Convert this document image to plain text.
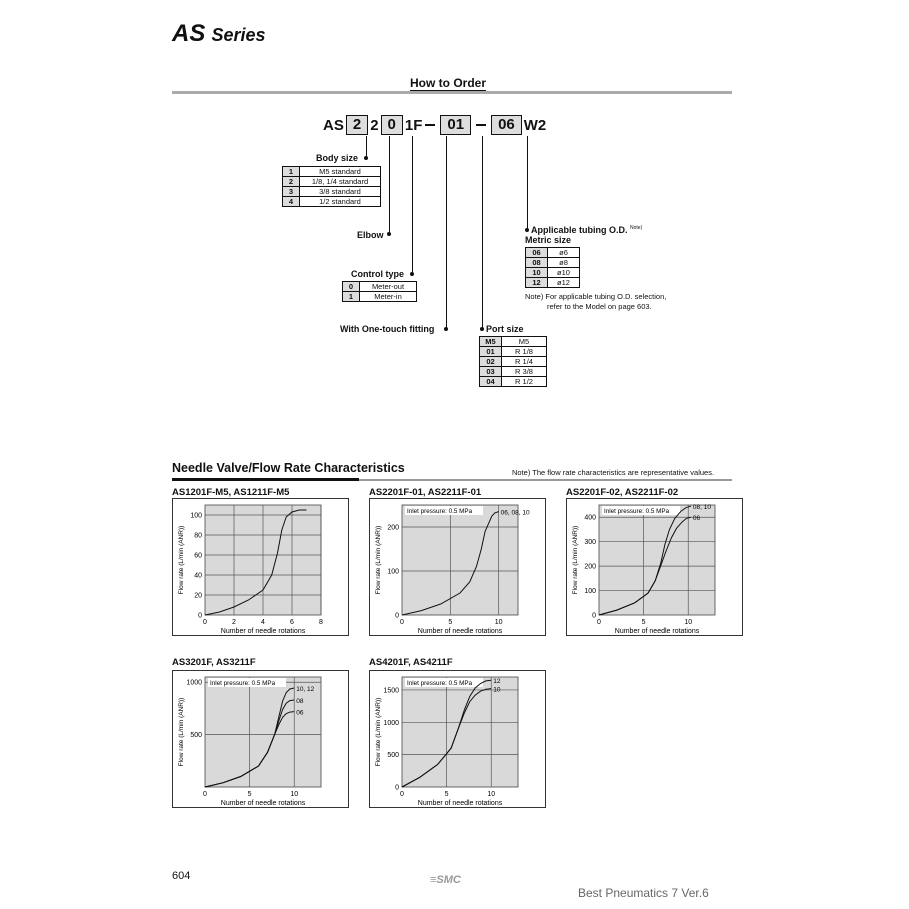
AS Series
How to Order
AS 2 2 0 1F	01	06 W2
Body size
1	M5 standard
2	1/8, 1/4 standard
3	3/8 standard
4	1/2 standard
Elbow
Control type
0	Meter-out
1	Meter-in
With One-touch fitting	Port size
M5	M5
01	R 1/8
02	R 1/4
03	R 3/8
04	R 1/2
Applicable tubing O.D. $^{Note)}$
Metric size
06	ø6
08	ø8
10	ø10
12	ø12
Note) For applicable tubing O.D. selection,
refer to the Model on page 603.
Needle Valve/Flow Rate Characteristics	Note) The flow rate characteristics are representative values.
AS1201F-M5, AS1211F-M5	AS2201F-01, AS2211F-01	AS2201F-02, AS2211F-02
AS3201F, AS3211F	AS4201F, AS4211F
0	2	4	6	8
0
20
40
60
80
100
Number of needle rotations
Flow rate (L/min (ANR))
0	5	10
0
100
200
Number of needle rotations
Flow rate (L/min (ANR))
Inlet pressure: 0.5 MPa	06, 08, 10
0	5	10
0
100
200
300
400
Number of needle rotations
Flow rate (L/min (ANR))
Inlet pressure: 0.5 MPa
08, 10
06
0	5	10
500
1000
Number of needle rotations
Flow rate (L/min (ANR))
Inlet pressure: 0.5 MPa
10, 12
08
06
0	5	10
0
500
1000
1500
Number of needle rotations
Flow rate (L/min (ANR))
Inlet pressure: 0.5 MPa	12
10
604	≡SMC
Best Pneumatics 7 Ver.6
